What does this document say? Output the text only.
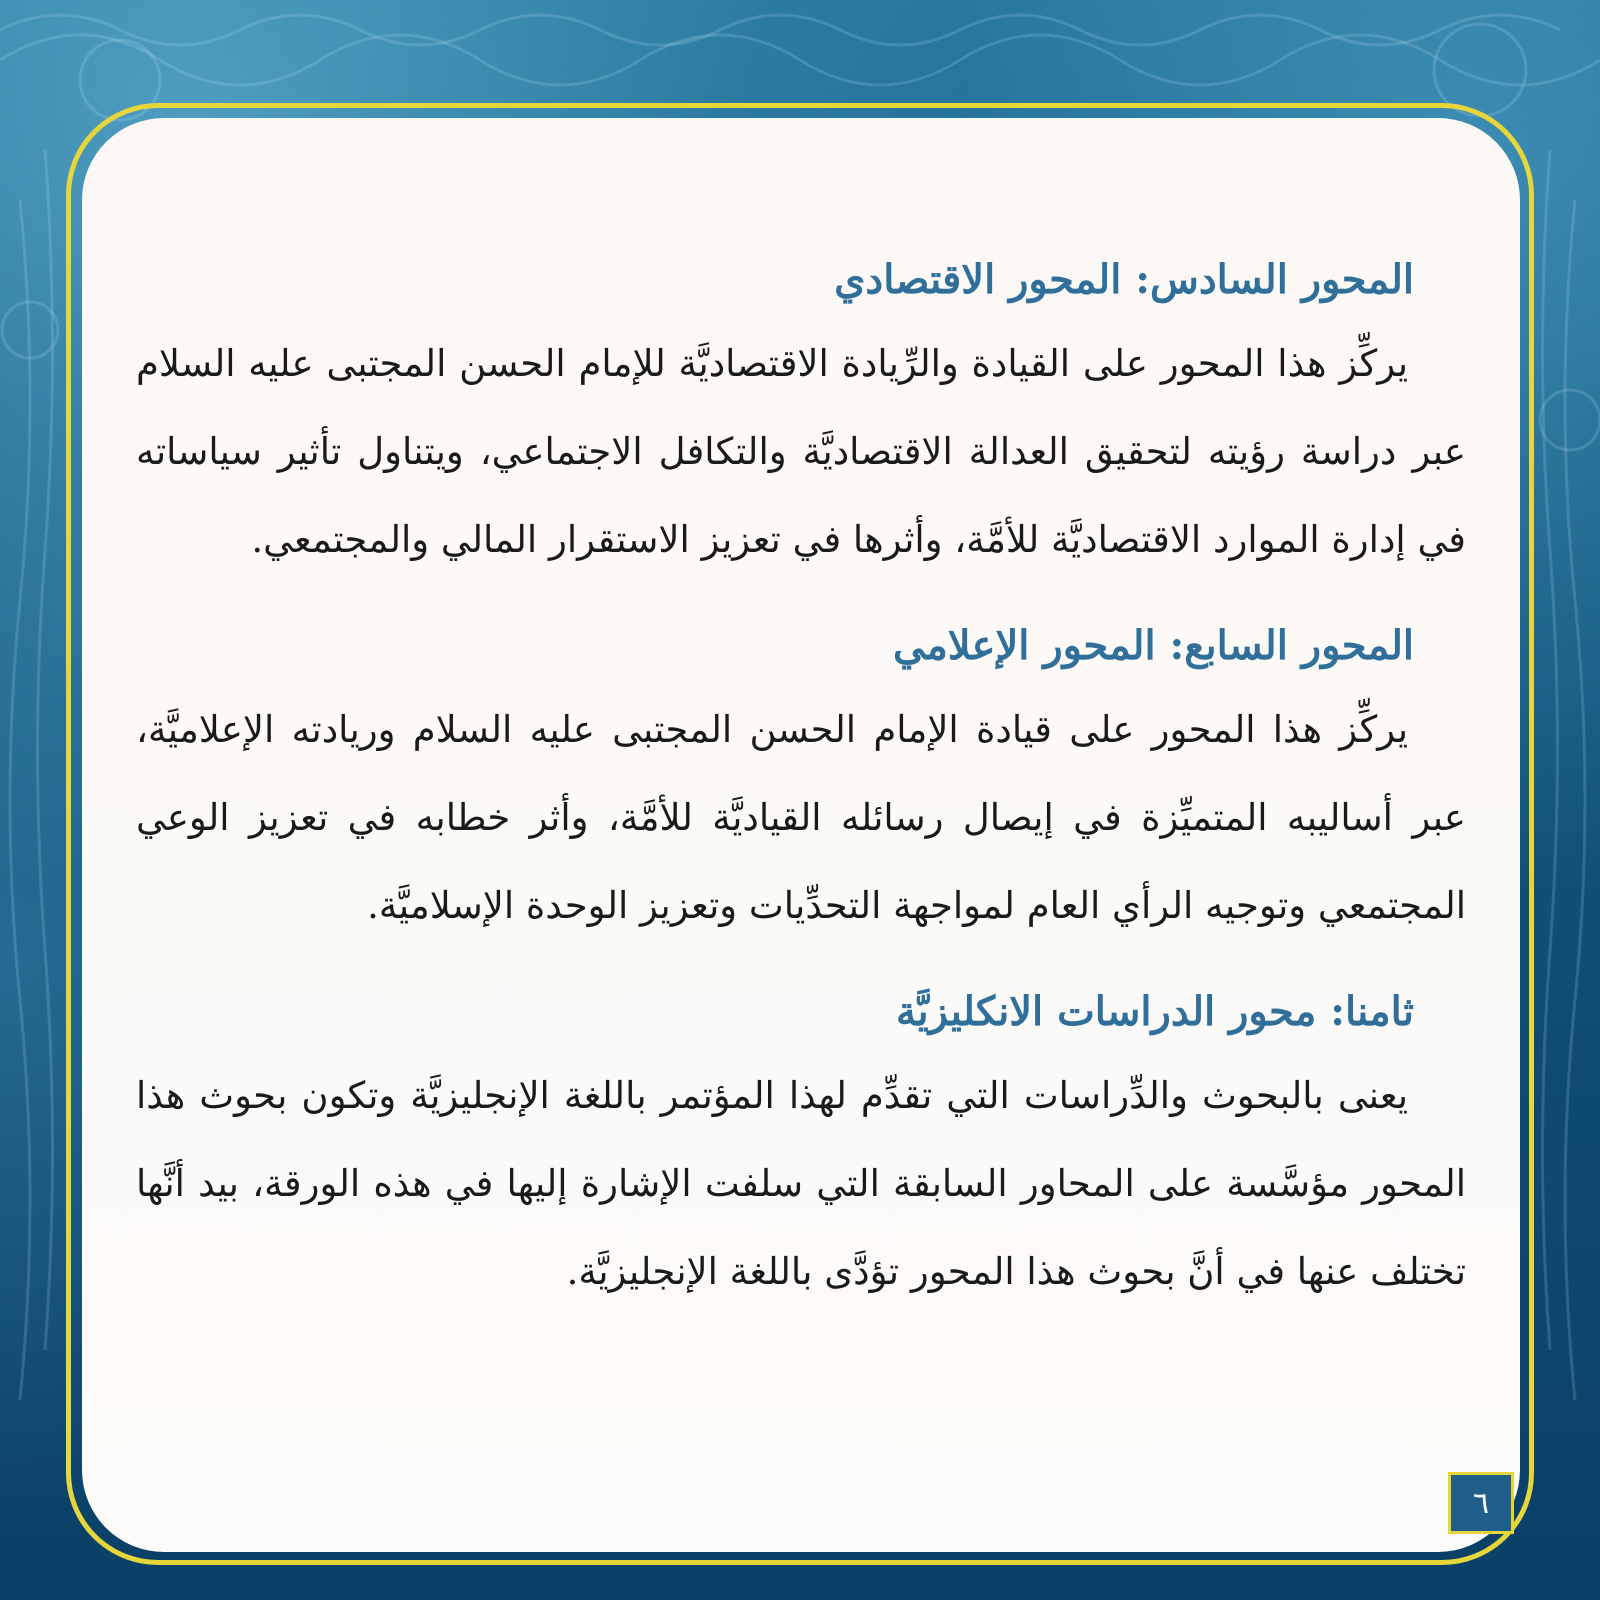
المحور السادس: المحور الاقتصادي

يركِّز هذا المحور على القيادة والرِّيادة الاقتصاديَّة للإمام الحسن المجتبى عليه السلام عبر دراسة رؤيته لتحقيق العدالة الاقتصاديَّة والتكافل الاجتماعي، ويتناول تأثير سياساته في إدارة الموارد الاقتصاديَّة للأمَّة، وأثرها في تعزيز الاستقرار المالي والمجتمعي.

المحور السابع: المحور الإعلامي

يركِّز هذا المحور على قيادة الإمام الحسن المجتبى عليه السلام وريادته الإعلاميَّة، عبر أساليبه المتميِّزة في إيصال رسائله القياديَّة للأمَّة، وأثر خطابه في تعزيز الوعي المجتمعي وتوجيه الرأي العام لمواجهة التحدِّيات وتعزيز الوحدة الإسلاميَّة.

ثامنا: محور الدراسات الانكليزيَّة

يعنى بالبحوث والدِّراسات التي تقدِّم لهذا المؤتمر باللغة الإنجليزيَّة وتكون بحوث هذا المحور مؤسَّسة على المحاور السابقة التي سلفت الإشارة إليها في هذه الورقة، بيد أنَّها تختلف عنها في أنَّ بحوث هذا المحور تؤدَّى باللغة الإنجليزيَّة.

٦
